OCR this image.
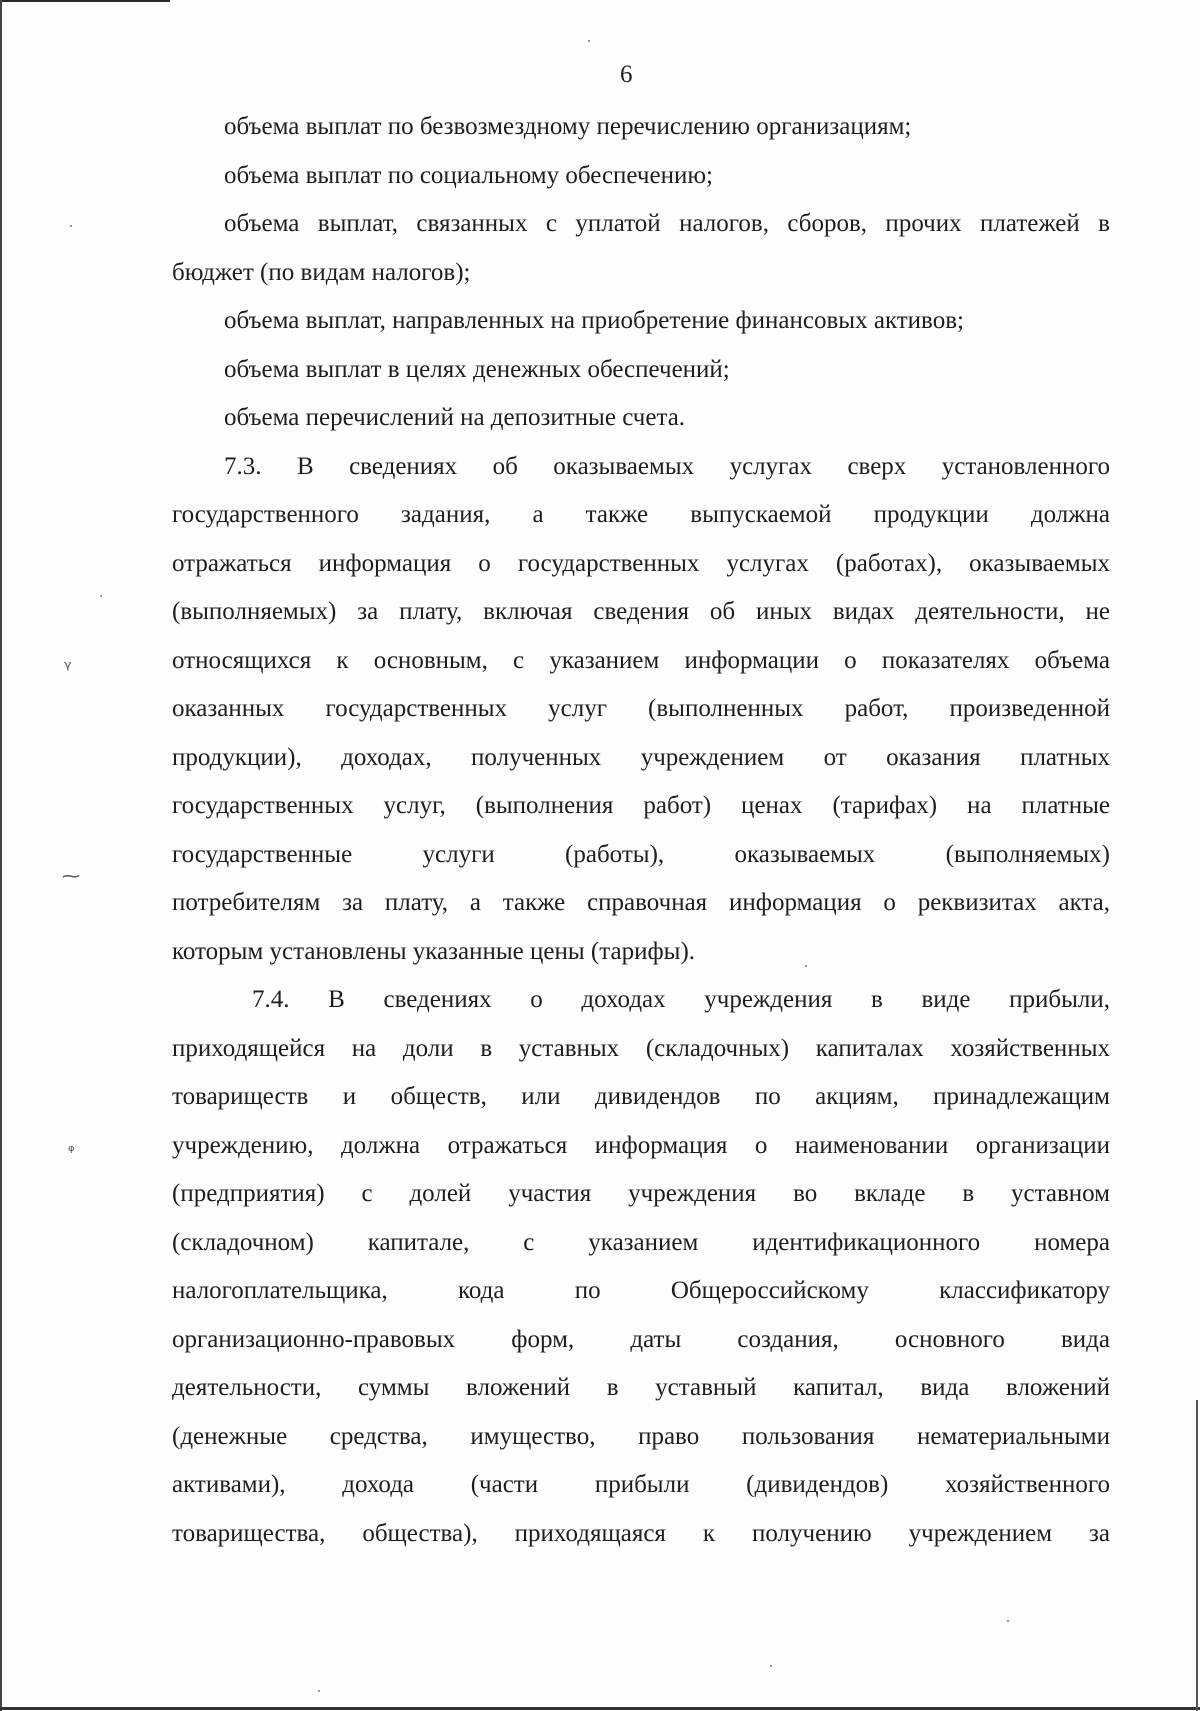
ᵞ
⁓
ᵩ
6
объема выплат по безвозмездному перечислению организациям;
объема выплат по социальному обеспечению;
объема выплат, связанных с уплатой налогов, сборов, прочих платежей в
бюджет (по видам налогов);
объема выплат, направленных на приобретение финансовых активов;
объема выплат в целях денежных обеспечений;
объема перечислений на депозитные счета.
7.3. В сведениях об оказываемых услугах сверх установленного
государственного задания, а также выпускаемой продукции должна
отражаться информация о государственных услугах (работах), оказываемых
(выполняемых) за плату, включая сведения об иных видах деятельности, не
относящихся к основным, с указанием информации о показателях объема
оказанных государственных услуг (выполненных работ, произведенной
продукции), доходах, полученных учреждением от оказания платных
государственных услуг, (выполнения работ) ценах (тарифах) на платные
государственные услуги (работы), оказываемых (выполняемых)
потребителям за плату, а также справочная информация о реквизитах акта,
которым установлены указанные цены (тарифы).
7.4. В сведениях о доходах учреждения в виде прибыли,
приходящейся на доли в уставных (складочных) капиталах хозяйственных
товариществ и обществ, или дивидендов по акциям, принадлежащим
учреждению, должна отражаться информация о наименовании организации
(предприятия) с долей участия учреждения во вкладе в уставном
(складочном) капитале, с указанием идентификационного номера
налогоплательщика, кода по Общероссийскому классификатору
организационно-правовых форм, даты создания, основного вида
деятельности, суммы вложений в уставный капитал, вида вложений
(денежные средства, имущество, право пользования нематериальными
активами), дохода (части прибыли (дивидендов) хозяйственного
товарищества, общества), приходящаяся к получению учреждением за
